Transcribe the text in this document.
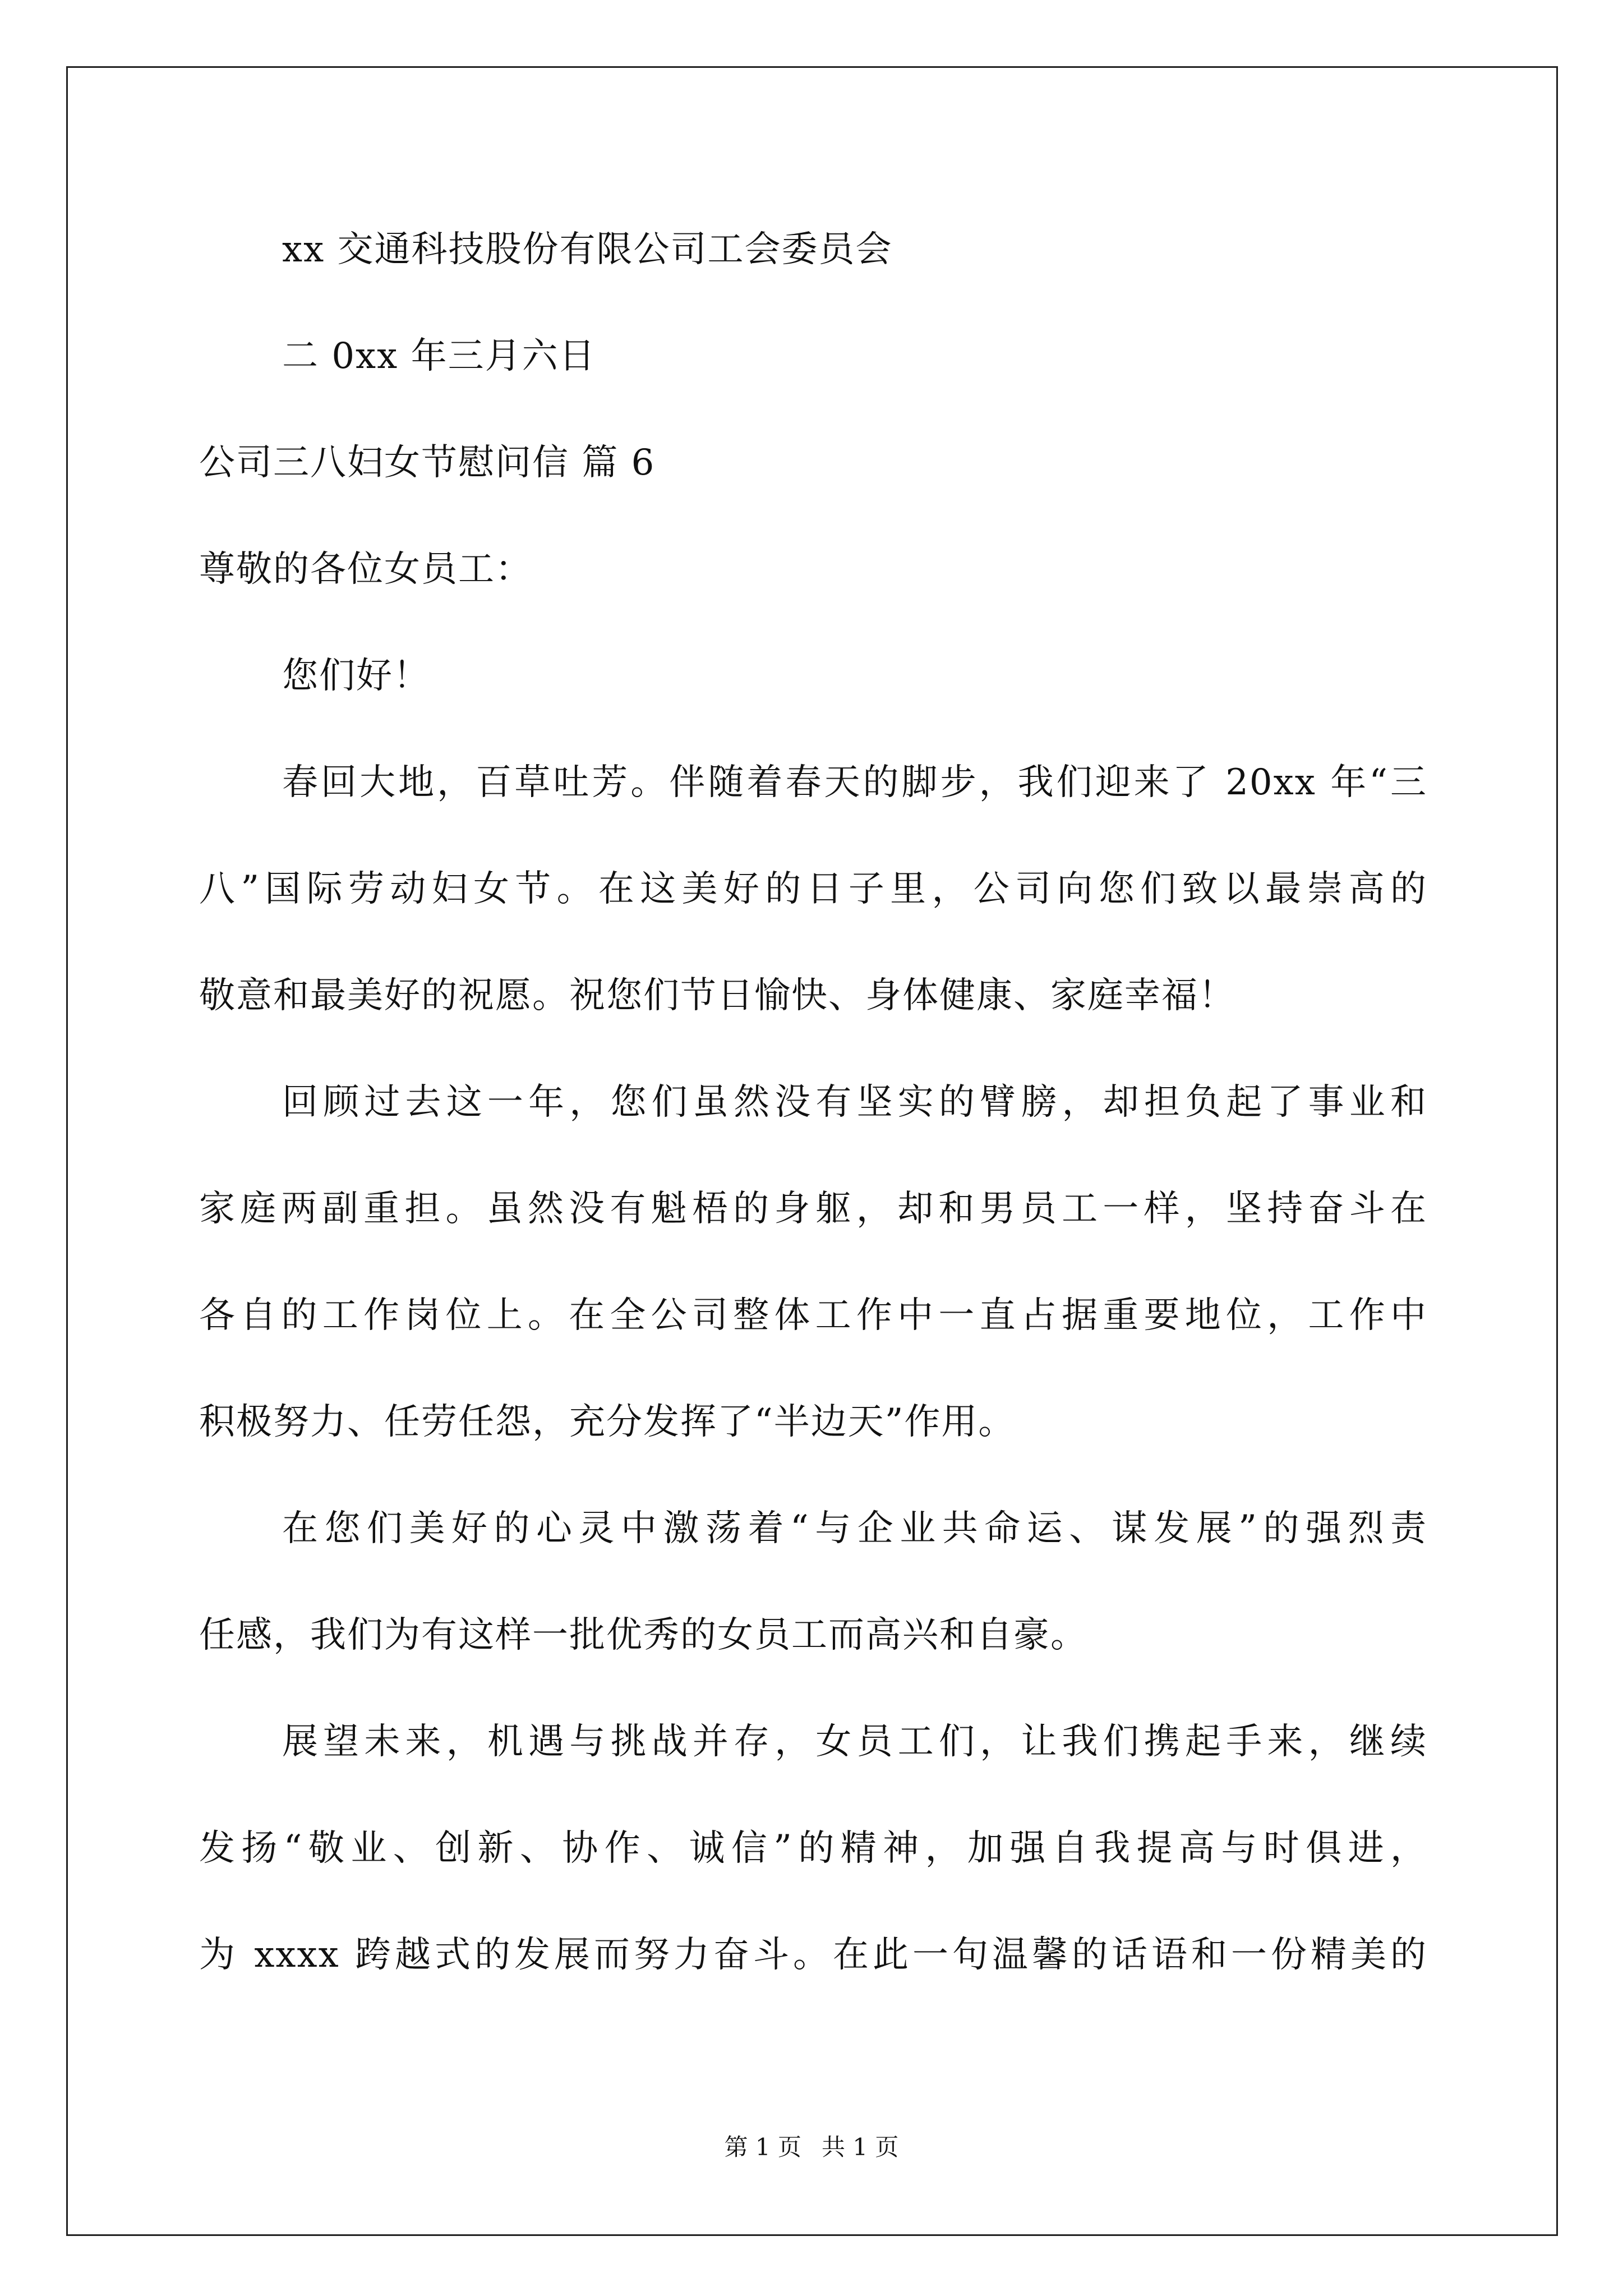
xx 交通科技股份有限公司工会委员会
二 0xx 年三月六日
公司三八妇女节慰问信 篇 6
尊敬的各位女员工：
您们好！
春回大地，百草吐芳。伴随着春天的脚步，我们迎来了 20xx 年“三
八”国际劳动妇女节。在这美好的日子里，公司向您们致以最崇高的
敬意和最美好的祝愿。祝您们节日愉快、身体健康、家庭幸福！
回顾过去这一年，您们虽然没有坚实的臂膀，却担负起了事业和
家庭两副重担。虽然没有魁梧的身躯，却和男员工一样，坚持奋斗在
各自的工作岗位上。在全公司整体工作中一直占据重要地位，工作中
积极努力、任劳任怨，充分发挥了“半边天”作用。
在您们美好的心灵中激荡着“与企业共命运、谋发展”的强烈责
任感，我们为有这样一批优秀的女员工而高兴和自豪。
展望未来，机遇与挑战并存，女员工们，让我们携起手来，继续
发扬“敬业、创新、协作、诚信”的精神，加强自我提高与时俱进，
为 xxxx 跨越式的发展而努力奋斗。在此一句温馨的话语和一份精美的
第 1 页 共 1 页
